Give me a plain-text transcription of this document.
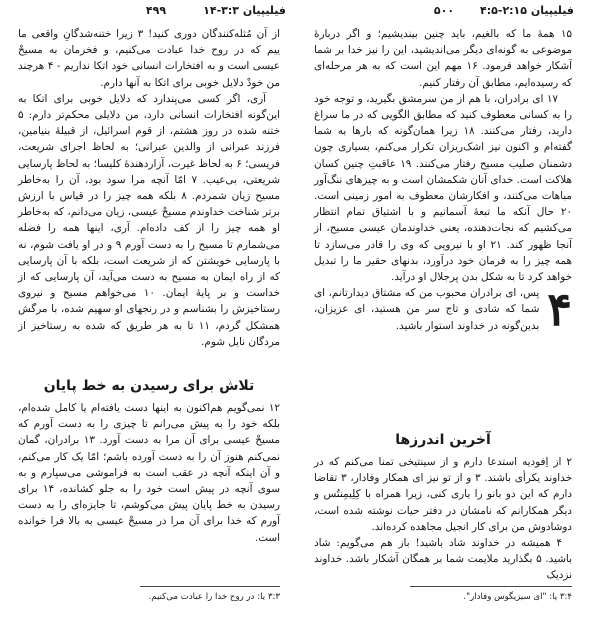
فیلیپیان ۳:۳-۱۴
۴۹۹

از آن مُثله‌کنندگان دوری کنید! ۳ زیرا ختنه‌شدگانِ واقعی ما ییم که در روح خدا عبادت می‌کنیم، و فخرمان به مسیحْ عیسی است و به افتخارات انسانی خود اتکا نداریم - ۴ هرچند من خودْ دلایل خوبی برای اتکا به آنها دارم.

آری، اگر کسی می‌پندارد که دلایل خوبی برای اتکا به این‌گونه افتخارات انسانی دارد، من دلایلی محکم‌تر دارم: ۵ ختنه شده در روز هشتم، از قوم اسرائیل، از قبیلۀ بنیامین، فرزند عبرانی از والدین عبرانی؛ به لحاظ اجرای شریعت، فریسی؛ ۶ به لحاظ غیرت، آزاردهندۀ کلیسا؛ به لحاظ پارسایی شریعتی، بی‌عیب. ۷ امّا آنچه مرا سود بود، آن را به‌خاطر مسیح زیان شمردم. ۸ بلکه همه چیز را در قیاس با ارزش برتر شناخت خداوندم مسیحْ عیسی، زیان می‌دانم، که به‌خاطر او همه چیز را از کف داده‌ام. آری، اینها همه را فضله می‌شمارم تا مسیح را به دست آورم ۹ و در او یافت شوم، نه با پارسایی خویشتن که از شریعت است، بلکه با آن پارسایی که از راه ایمان به مسیح به دست می‌آید، آن پارسایی که از خداست و بر پایۀ ایمان. ۱۰ می‌خواهم مسیح و نیروی رستاخیزش را بشناسم و در رنجهای او سهیم شده، با مرگش همشکل گردم، ۱۱ تا به هر طریق که شده به رستاخیز از مردگان نایل شوم.

تلاش برای رسیدن به خط پایان

۱۲ نمی‌گویم هم‌اکنون به اینها دست یافته‌ام یا کامل شده‌ام، بلکه خود را به پیش می‌رانم تا چیزی را به دست آورم که مسیحْ عیسی برای آن مرا به دست آورد. ۱۳ برادران، گمان نمی‌کنم هنوز آن را به دست آورده باشم؛ امّا یک کار می‌کنم، و آن اینکه آنچه در عقب است به فراموشی می‌سپارم و به سوی آنچه در پیش است خود را به جلو کشانده، ۱۴ برای رسیدن به خط پایان پیش می‌کوشم، تا جایزه‌ای را به دست آورم که خدا برای آن مرا در مسیحْ عیسی به بالا فرا خوانده است.

۳:۳ یا: در روح خدا را عبادت می‌کنیم.
فیلیپیان ۲:۱۵-۴:۵
۵۰۰

۱۵ همۀ ما که بالغیم، باید چنین بیندیشیم؛ و اگر دربارۀ موضوعی به گونه‌ای دیگر می‌اندیشید، این را نیز خدا بر شما آشکار خواهد فرمود. ۱۶ مهم این است که به هر مرحله‌ای که رسیده‌ایم، مطابق آن رفتار کنیم.

۱۷ ای برادران، با هم از من سرمشق بگیرید، و توجه خود را به کسانی معطوف کنید که مطابق الگویی که در ما سراغ دارید، رفتار می‌کنند. ۱۸ زیرا همان‌گونه که بارها به شما گفته‌ام و اکنون نیز اشک‌ریزان تکرار می‌کنم، بسیاری چون دشمنان صلیب مسیح رفتار می‌کنند. ۱۹ عاقبتِ چنین کسان هلاکت است. خدای آنان شکمشان است و به چیزهای ننگ‌آور مباهات می‌کنند، و افکارشان معطوف به امور زمینی است. ۲۰ حال آنکه ما تبعۀ آسمانیم و با اشتیاق تمام انتظار می‌کشیم که نجات‌دهنده، یعنی خداوندمان عیسی مسیح، از آنجا ظهور کند. ۲۱ او با نیرویی که وی را قادر می‌سازد تا همه چیز را به فرمان خود درآورد، بدنهای حقیر ما را تبدیل خواهد کرد تا به شکل بدن پرجلال او درآید.

۴
پس، ای برادران محبوب من که مشتاق دیدارتانم، ای شما که شادی و تاج سر من هستید، ای عزیزان، بدین‌گونه در خداوند استوار باشید.

آخرین اندرزها

۲ از اِفودیه استدعا دارم و از سینتیخی تمنا می‌کنم که در خداوند یکرأی باشند. ۳ و از تو نیز ای همکار وفادار، ۳ تقاضا دارم که این دو بانو را یاری کنی، زیرا همراه با کِلِیمِنتُس و دیگر همکارانم که نامشان در دفتر حیات نوشته شده است، دوشادوش من برای کار انجیل مجاهده کرده‌اند.

۴ همیشه در خداوند شاد باشید! باز هم می‌گویم: شاد باشید. ۵ بگذارید ملایمت شما بر همگان آشکار باشد. خداوند نزدیک

۳:۴ یا: "ای سیزیگوس وفادار".
